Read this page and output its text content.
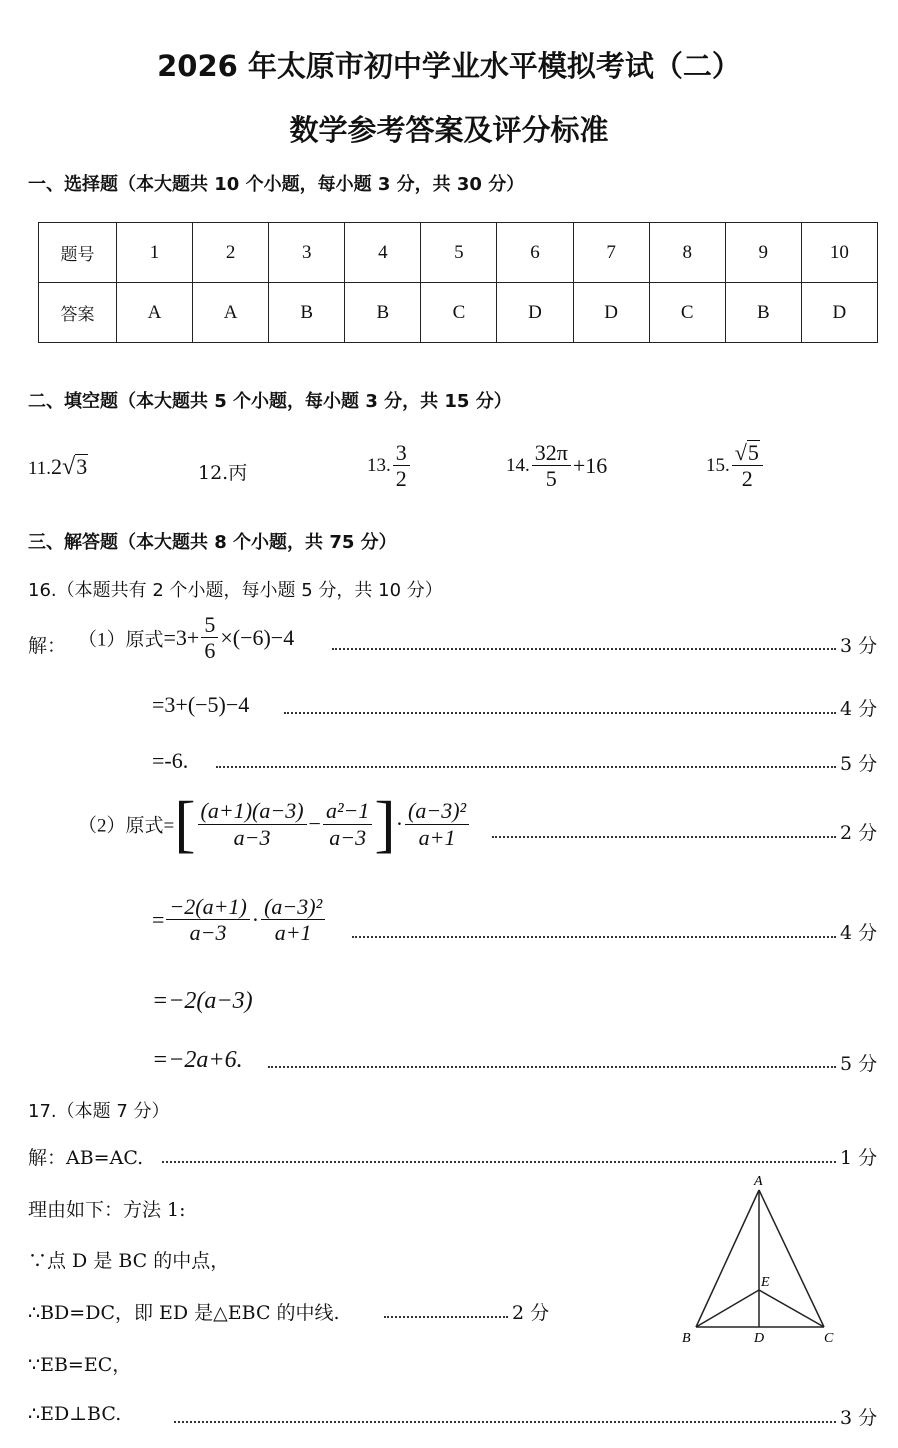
2026 年太原市初中学业水平模拟考试（二）
数学参考答案及评分标准
一、选择题（本大题共 10 个小题，每小题 3 分，共 30 分）
题号	1	2	3	4	5	6	7	8	9	10
答案	A	A	B	B	C	D	D	C	B	D
二、填空题（本大题共 5 个小题，每小题 3 分，共 15 分）
11.2√3	12.丙	13. $\frac{3}{2}$	14. $\frac{32\pi}{5} +16$	15. $\frac{√5}{2}$
三、解答题（本大题共 8 个小题，共 75 分）
16.（本题共有 2 个小题，每小题 5 分，共 10 分）
解： （1）原式$=3+ \frac{5}{6} \times(-6)-4$	3 分
=3+(−5)−4	4 分
=-6.	5 分
（2）原式=[ $\frac{(a+1)(a-3)}{a-3} - \frac{\text{a²−1}}{a-3}$ ]· $\frac{\text{(a−3)²}}{a+1}$	2 分
= $\frac{-2(a+1)}{a-3} \cdot \frac{\text{(a−3)²}}{a+1}$	4 分
=−2(a−3)
=−2a+6.	5 分
17.（本题 7 分）
解：AB=AC.	1 分
理由如下：方法 1:
∵点 D 是 BC 的中点，
∴BD=DC，即 ED 是△EBC 的中线.	2 分
∵EB=EC，
∴ED⊥BC.	3 分
A
B	C
D
E
